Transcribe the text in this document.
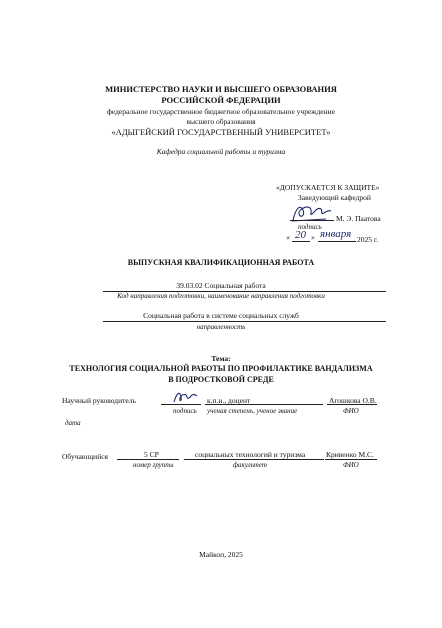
МИНИСТЕРСТВО НАУКИ И ВЫСШЕГО ОБРАЗОВАНИЯ
РОССИЙСКОЙ ФЕДЕРАЦИИ
федеральное государственное бюджетное образовательное учреждение
высшего образования
«АДЫГЕЙСКИЙ ГОСУДАРСТВЕННЫЙ УНИВЕРСИТЕТ»
Кафедра социальной работы и туризма
«ДОПУСКАЕТСЯ К ЗАЩИТЕ»
Заведующий кафедрой
М. Э. Паатова
подпись
« 20 » января 2025 г.
ВЫПУСКНАЯ КВАЛИФИКАЦИОННАЯ РАБОТА
39.03.02 Социальная работа
Код направления подготовки, наименование направления подготовки
Социальная работа в системе социальных служб
направленность
Тема:
ТЕХНОЛОГИЯ СОЦИАЛЬНОЙ РАБОТЫ ПО ПРОФИЛАКТИКЕ ВАНДАЛИЗМА
В ПОДРОСТКОВОЙ СРЕДЕ
Научный руководитель	к.п.н., доцент	Агошкова О.В.
подпись ученая степень, ученое звание	ФИО
дата
Обучающийся	5 СР	социальных технологий и туризма	Кривенко М.С.
номер группы	факультет	ФИО
Майкоп, 2025
